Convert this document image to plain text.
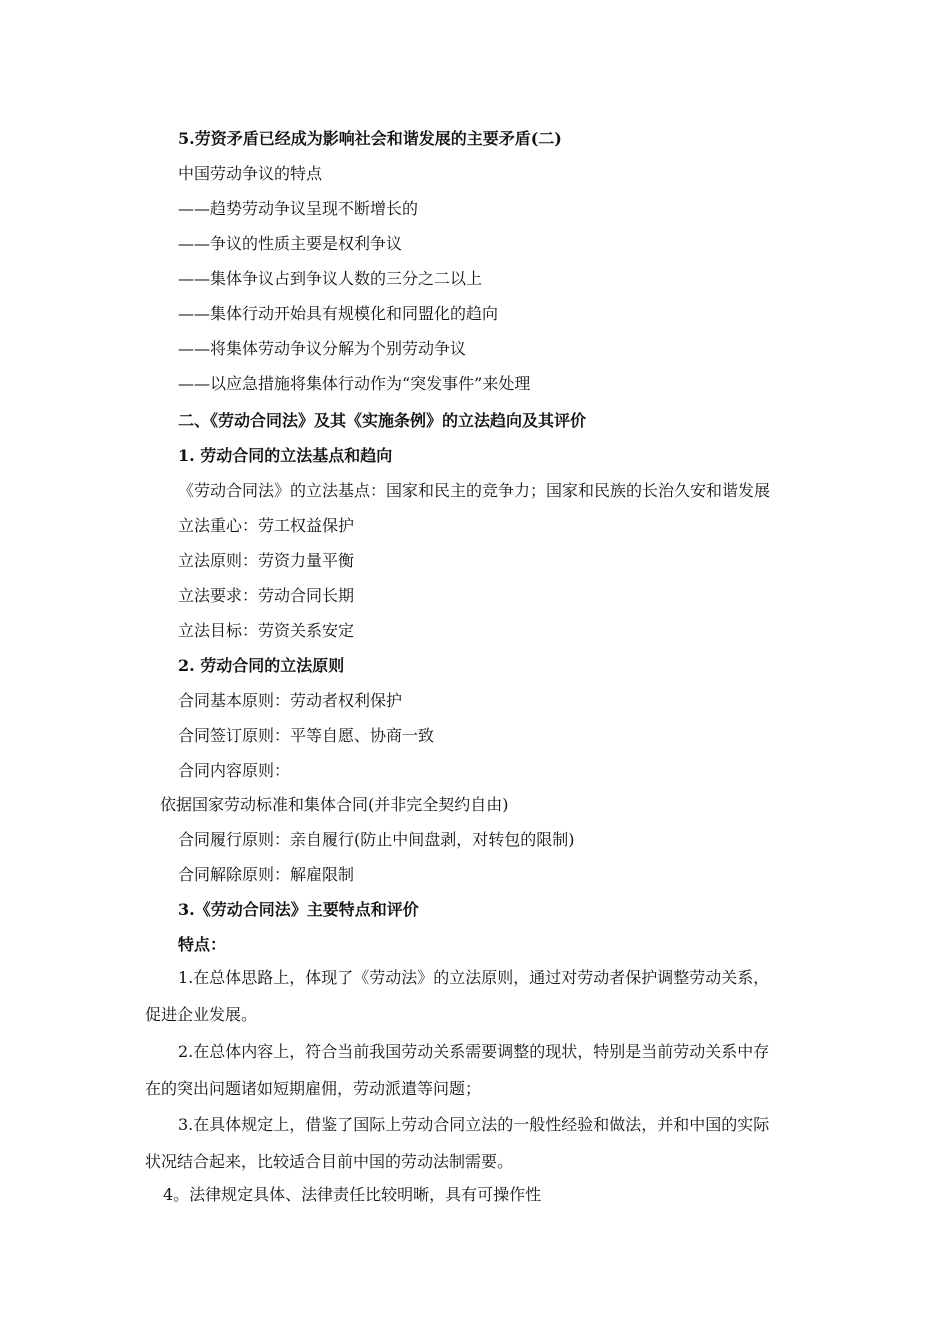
5.劳资矛盾已经成为影响社会和谐发展的主要矛盾(二)
中国劳动争议的特点
——趋势劳动争议呈现不断增长的
——争议的性质主要是权利争议
——集体争议占到争议人数的三分之二以上
——集体行动开始具有规模化和同盟化的趋向
——将集体劳动争议分解为个别劳动争议
——以应急措施将集体行动作为“突发事件”来处理
二、《劳动合同法》及其《实施条例》的立法趋向及其评价
1. 劳动合同的立法基点和趋向
《劳动合同法》的立法基点：国家和民主的竞争力；国家和民族的长治久安和谐发展
立法重心：劳工权益保护
立法原则：劳资力量平衡
立法要求：劳动合同长期
立法目标：劳资关系安定
2. 劳动合同的立法原则
合同基本原则：劳动者权利保护
合同签订原则：平等自愿、协商一致
合同内容原则：
依据国家劳动标准和集体合同(并非完全契约自由)
合同履行原则：亲自履行(防止中间盘剥，对转包的限制)
合同解除原则：解雇限制
3.《劳动合同法》主要特点和评价
特点：
1.在总体思路上，体现了《劳动法》的立法原则，通过对劳动者保护调整劳动关系，
促进企业发展。
2.在总体内容上，符合当前我国劳动关系需要调整的现状，特别是当前劳动关系中存
在的突出问题诸如短期雇佣，劳动派遣等问题；
3.在具体规定上，借鉴了国际上劳动合同立法的一般性经验和做法，并和中国的实际
状况结合起来，比较适合目前中国的劳动法制需要。
4。法律规定具体、法律责任比较明晰，具有可操作性
